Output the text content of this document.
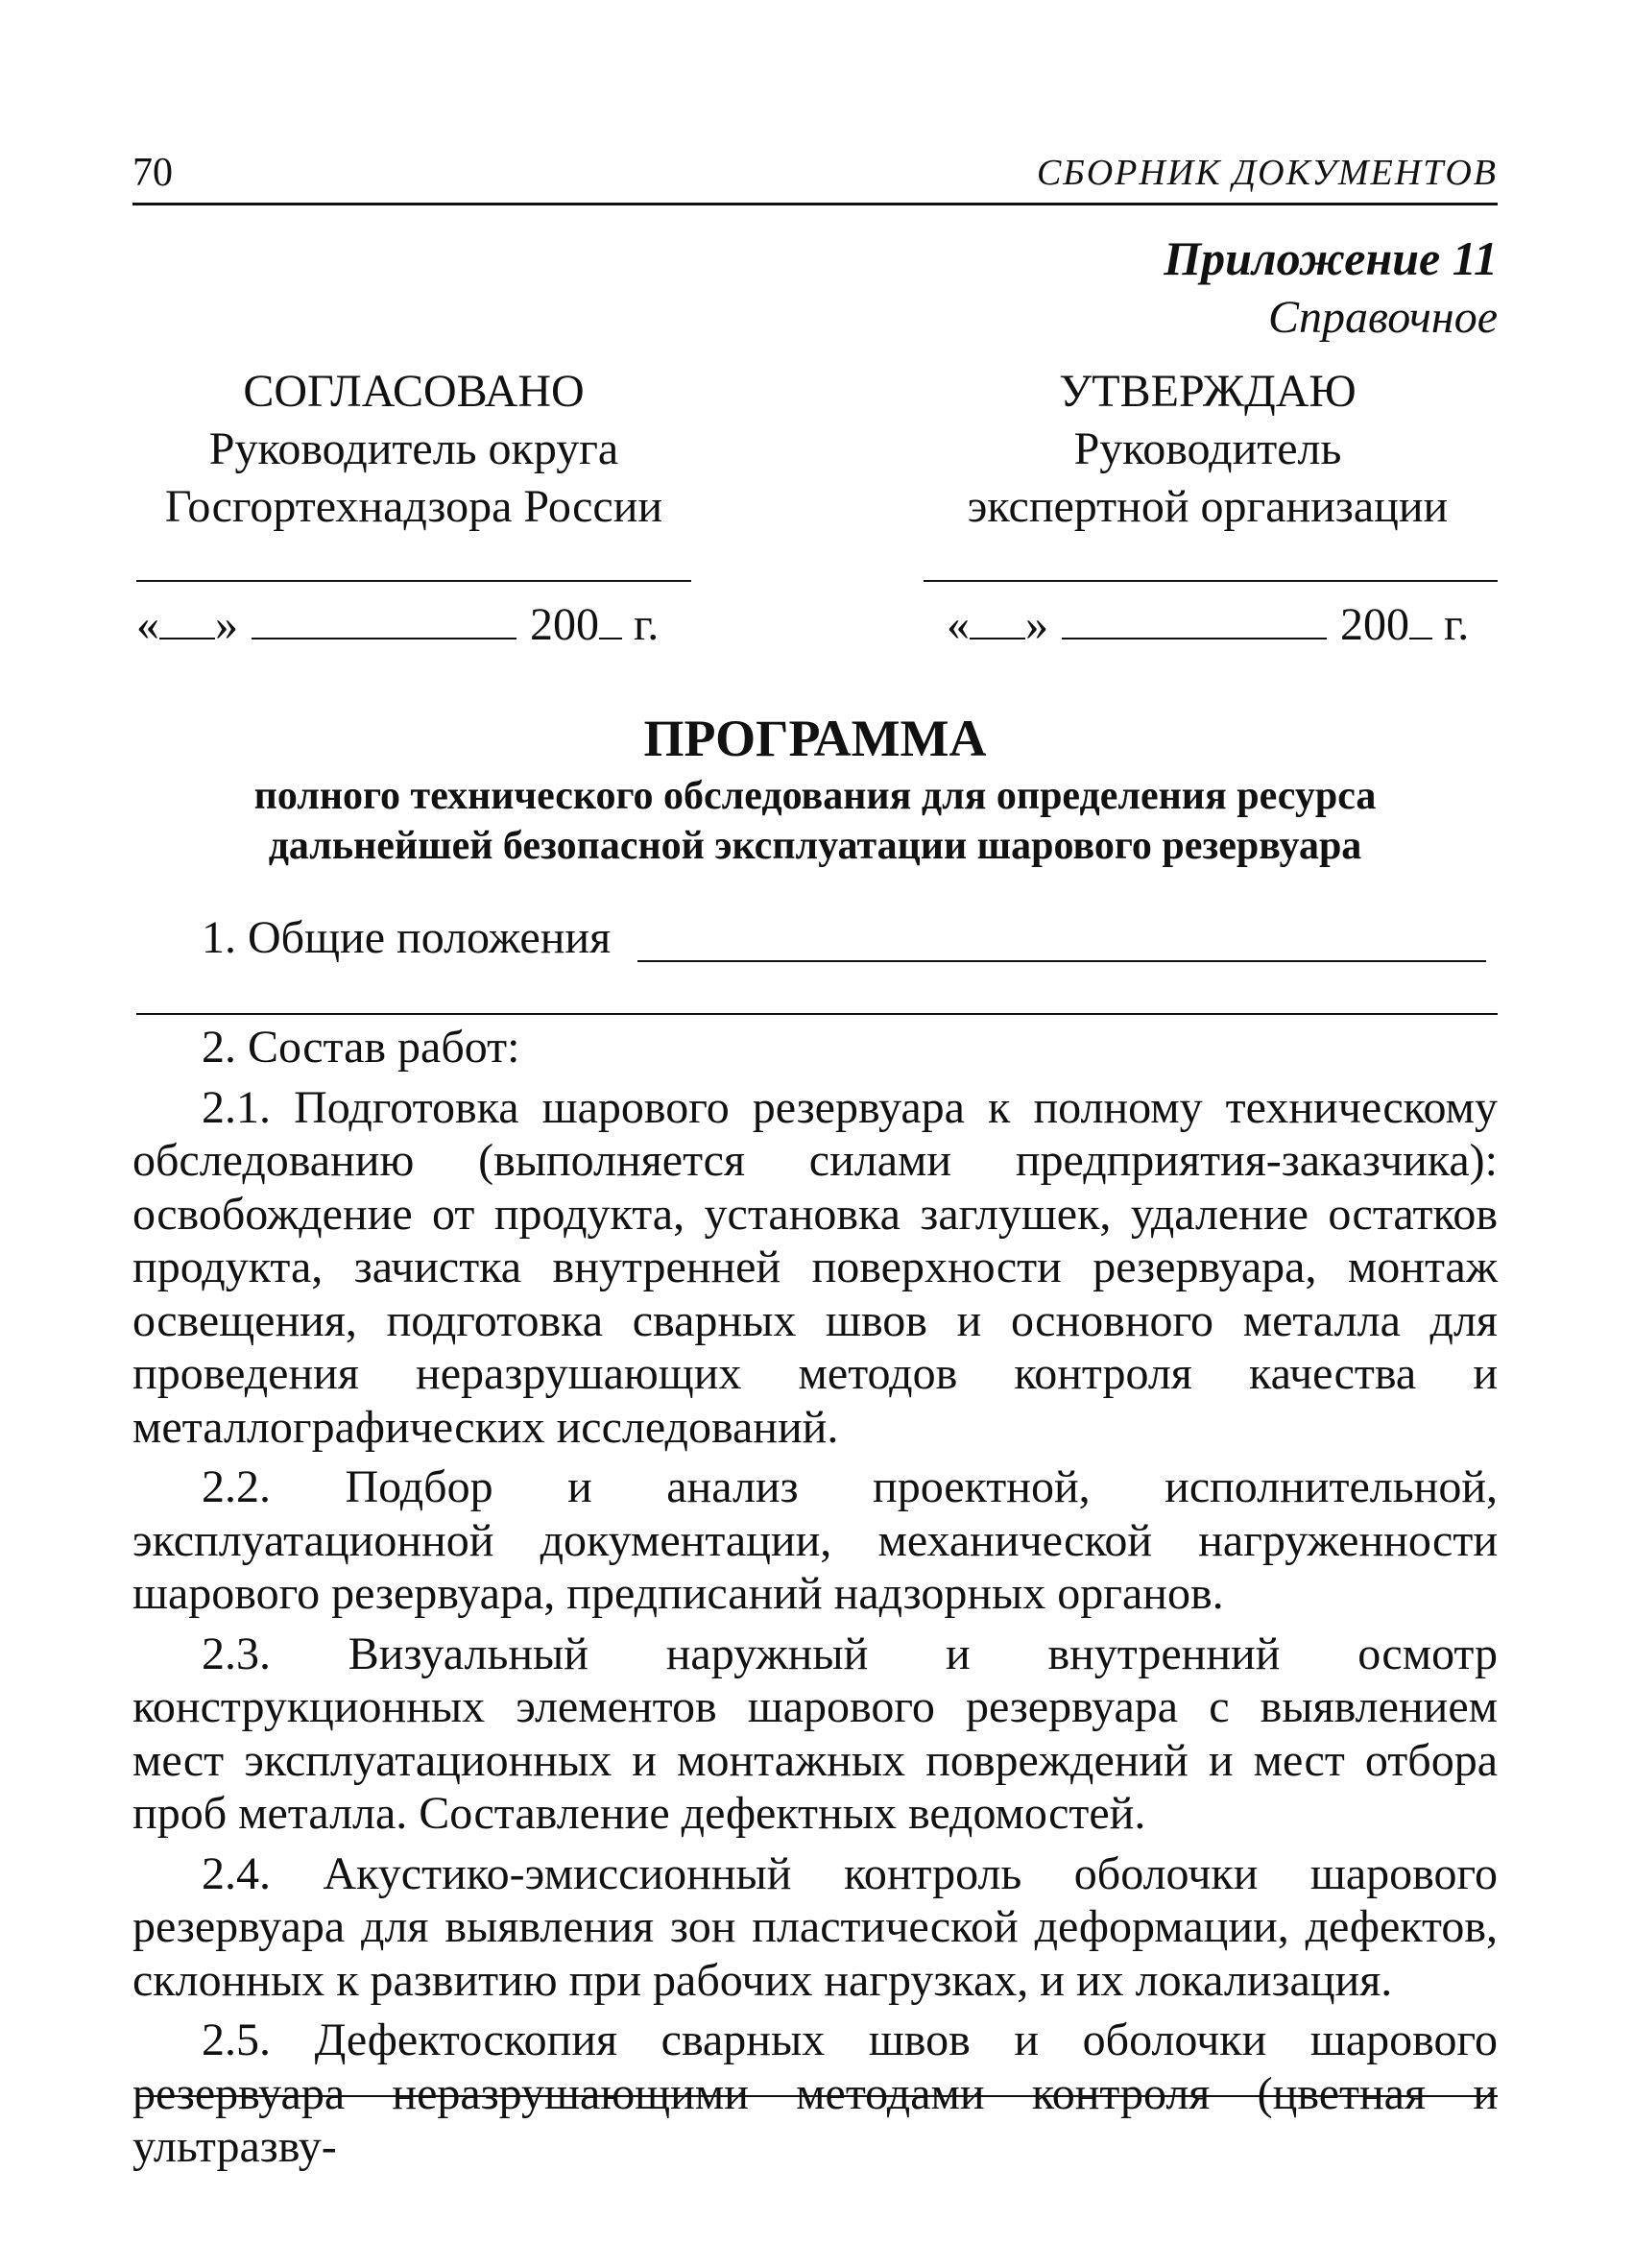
70	СБОРНИК ДОКУМЕНТОВ
Приложение 11
Справочное
СОГЛАСОВАНО
Руководитель округа
Госгортехнадзора России
УТВЕРЖДАЮ
Руководитель
экспертной организации
« »	200 г.	« »	200 г.
ПРОГРАММА
полного технического обследования для определения ресурса
дальнейшей безопасной эксплуатации шарового резервуара
1. Общие положения

2. Состав работ:

2.1. Подготовка шарового резервуара к полному техническому обследованию (выполняется силами предприятия-заказчика): освобождение от продукта, установка заглушек, удаление остатков продукта, зачистка внутренней поверхности резервуара, монтаж освещения, подготовка сварных швов и основного металла для проведения неразрушающих методов контроля качества и металлографических исследований.

2.2. Подбор и анализ проектной, исполнительной, эксплуатационной документации, механической нагруженности шарового резервуара, предписаний надзорных органов.

2.3. Визуальный наружный и внутренний осмотр конструкционных элементов шарового резервуара с выявлением мест эксплуатационных и монтажных повреждений и мест отбора проб металла. Составление дефектных ведомостей.

2.4. Акустико-эмиссионный контроль оболочки шарового резервуара для выявления зон пластической деформации, дефектов, склонных к развитию при рабочих нагрузках, и их локализация.

2.5. Дефектоскопия сварных швов и оболочки шарового резервуара неразрушающими методами контроля (цветная и ультразву-
